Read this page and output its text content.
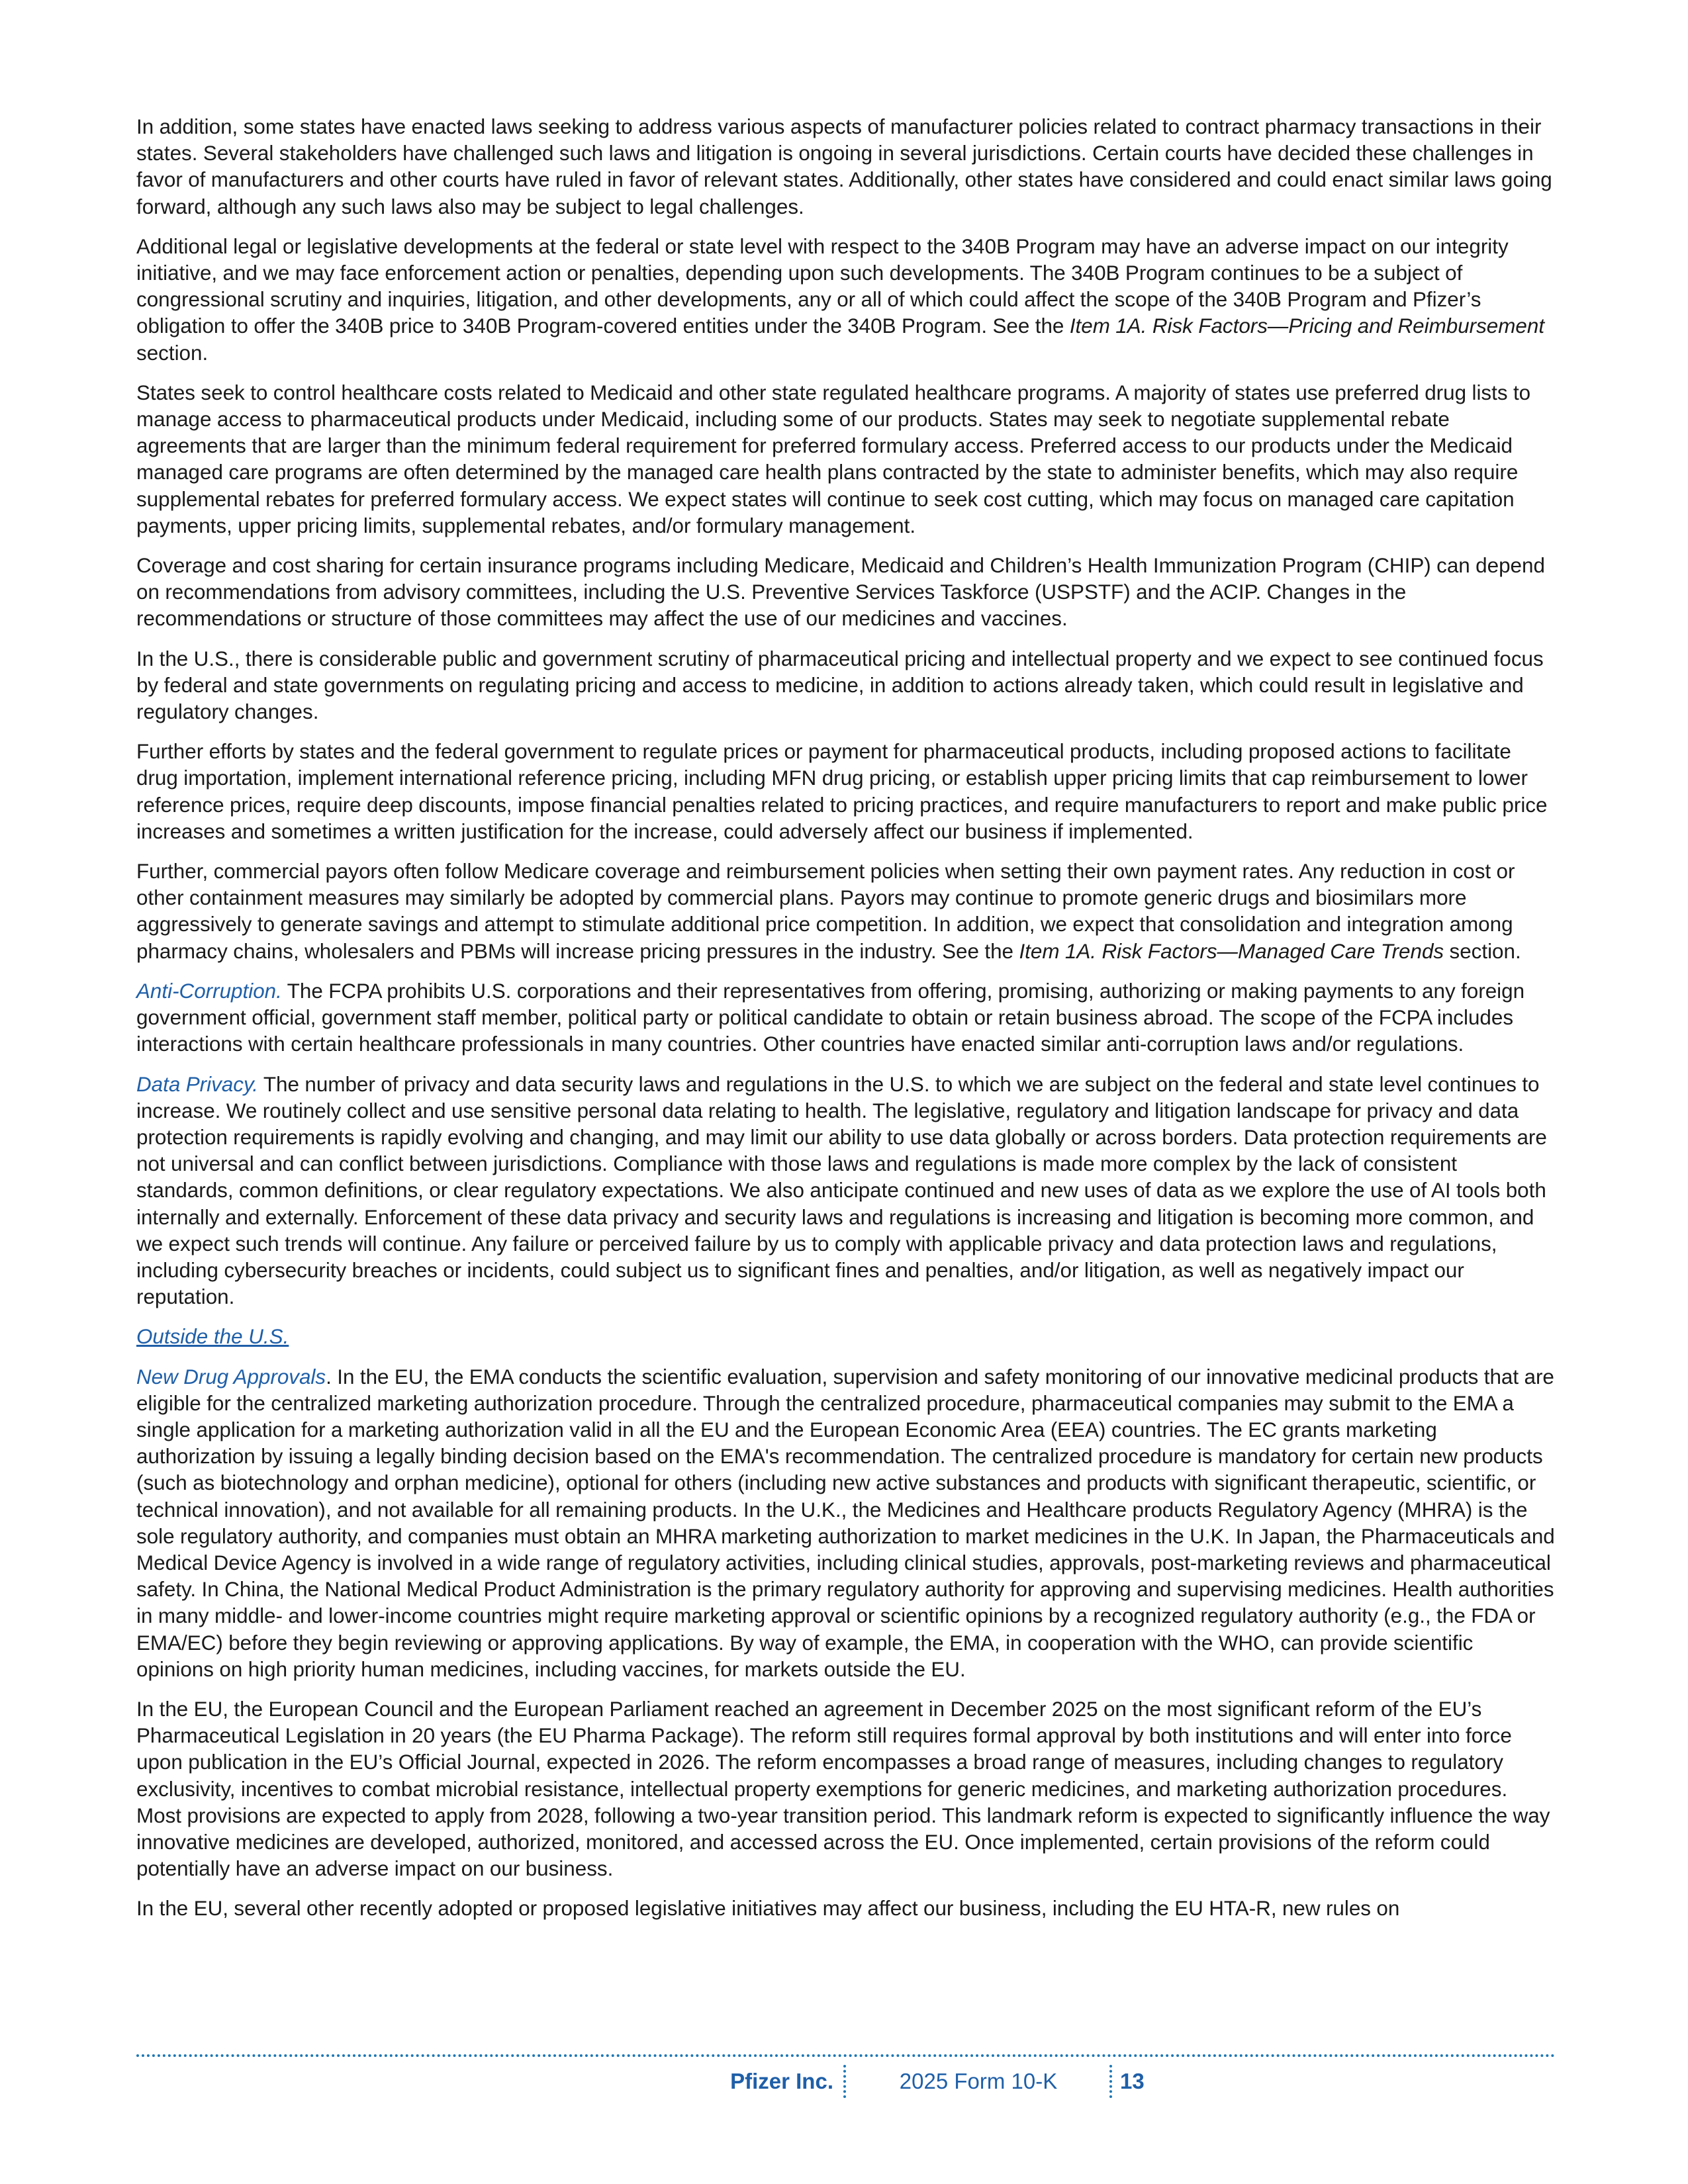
In addition, some states have enacted laws seeking to address various aspects of manufacturer policies related to contract pharmacy transactions in their states. Several stakeholders have challenged such laws and litigation is ongoing in several jurisdictions. Certain courts have decided these challenges in favor of manufacturers and other courts have ruled in favor of relevant states. Additionally, other states have considered and could enact similar laws going forward, although any such laws also may be subject to legal challenges.

Additional legal or legislative developments at the federal or state level with respect to the 340B Program may have an adverse impact on our integrity initiative, and we may face enforcement action or penalties, depending upon such developments. The 340B Program continues to be a subject of congressional scrutiny and inquiries, litigation, and other developments, any or all of which could affect the scope of the 340B Program and Pfizer’s obligation to offer the 340B price to 340B Program-covered entities under the 340B Program. See the Item 1A. Risk Factors—Pricing and Reimbursement section.

States seek to control healthcare costs related to Medicaid and other state regulated healthcare programs. A majority of states use preferred drug lists to manage access to pharmaceutical products under Medicaid, including some of our products. States may seek to negotiate supplemental rebate agreements that are larger than the minimum federal requirement for preferred formulary access. Preferred access to our products under the Medicaid managed care programs are often determined by the managed care health plans contracted by the state to administer benefits, which may also require supplemental rebates for preferred formulary access. We expect states will continue to seek cost cutting, which may focus on managed care capitation payments, upper pricing limits, supplemental rebates, and/or formulary management.

Coverage and cost sharing for certain insurance programs including Medicare, Medicaid and Children’s Health Immunization Program (CHIP) can depend on recommendations from advisory committees, including the U.S. Preventive Services Taskforce (USPSTF) and the ACIP. Changes in the recommendations or structure of those committees may affect the use of our medicines and vaccines.

In the U.S., there is considerable public and government scrutiny of pharmaceutical pricing and intellectual property and we expect to see continued focus by federal and state governments on regulating pricing and access to medicine, in addition to actions already taken, which could result in legislative and regulatory changes.

Further efforts by states and the federal government to regulate prices or payment for pharmaceutical products, including proposed actions to facilitate drug importation, implement international reference pricing, including MFN drug pricing, or establish upper pricing limits that cap reimbursement to lower reference prices, require deep discounts, impose financial penalties related to pricing practices, and require manufacturers to report and make public price increases and sometimes a written justification for the increase, could adversely affect our business if implemented.

Further, commercial payors often follow Medicare coverage and reimbursement policies when setting their own payment rates. Any reduction in cost or other containment measures may similarly be adopted by commercial plans. Payors may continue to promote generic drugs and biosimilars more aggressively to generate savings and attempt to stimulate additional price competition. In addition, we expect that consolidation and integration among pharmacy chains, wholesalers and PBMs will increase pricing pressures in the industry. See the Item 1A. Risk Factors—Managed Care Trends section.

Anti-Corruption. The FCPA prohibits U.S. corporations and their representatives from offering, promising, authorizing or making payments to any foreign government official, government staff member, political party or political candidate to obtain or retain business abroad. The scope of the FCPA includes interactions with certain healthcare professionals in many countries. Other countries have enacted similar anti-corruption laws and/or regulations.

Data Privacy. The number of privacy and data security laws and regulations in the U.S. to which we are subject on the federal and state level continues to increase. We routinely collect and use sensitive personal data relating to health. The legislative, regulatory and litigation landscape for privacy and data protection requirements is rapidly evolving and changing, and may limit our ability to use data globally or across borders. Data protection requirements are not universal and can conflict between jurisdictions. Compliance with those laws and regulations is made more complex by the lack of consistent standards, common definitions, or clear regulatory expectations. We also anticipate continued and new uses of data as we explore the use of AI tools both internally and externally. Enforcement of these data privacy and security laws and regulations is increasing and litigation is becoming more common, and we expect such trends will continue. Any failure or perceived failure by us to comply with applicable privacy and data protection laws and regulations, including cybersecurity breaches or incidents, could subject us to significant fines and penalties, and/or litigation, as well as negatively impact our reputation.

Outside the U.S.

New Drug Approvals. In the EU, the EMA conducts the scientific evaluation, supervision and safety monitoring of our innovative medicinal products that are eligible for the centralized marketing authorization procedure. Through the centralized procedure, pharmaceutical companies may submit to the EMA a single application for a marketing authorization valid in all the EU and the European Economic Area (EEA) countries. The EC grants marketing authorization by issuing a legally binding decision based on the EMA's recommendation. The centralized procedure is mandatory for certain new products (such as biotechnology and orphan medicine), optional for others (including new active substances and products with significant therapeutic, scientific, or technical innovation), and not available for all remaining products. In the U.K., the Medicines and Healthcare products Regulatory Agency (MHRA) is the sole regulatory authority, and companies must obtain an MHRA marketing authorization to market medicines in the U.K. In Japan, the Pharmaceuticals and Medical Device Agency is involved in a wide range of regulatory activities, including clinical studies, approvals, post-marketing reviews and pharmaceutical safety. In China, the National Medical Product Administration is the primary regulatory authority for approving and supervising medicines. Health authorities in many middle- and lower-income countries might require marketing approval or scientific opinions by a recognized regulatory authority (e.g., the FDA or EMA/EC) before they begin reviewing or approving applications. By way of example, the EMA, in cooperation with the WHO, can provide scientific opinions on high priority human medicines, including vaccines, for markets outside the EU.

In the EU, the European Council and the European Parliament reached an agreement in December 2025 on the most significant reform of the EU’s Pharmaceutical Legislation in 20 years (the EU Pharma Package). The reform still requires formal approval by both institutions and will enter into force upon publication in the EU’s Official Journal, expected in 2026. The reform encompasses a broad range of measures, including changes to regulatory exclusivity, incentives to combat microbial resistance, intellectual property exemptions for generic medicines, and marketing authorization procedures. Most provisions are expected to apply from 2028, following a two-year transition period. This landmark reform is expected to significantly influence the way innovative medicines are developed, authorized, monitored, and accessed across the EU. Once implemented, certain provisions of the reform could potentially have an adverse impact on our business.

In the EU, several other recently adopted or proposed legislative initiatives may affect our business, including the EU HTA-R, new rules on

Pfizer Inc.	2025 Form 10-K	13
